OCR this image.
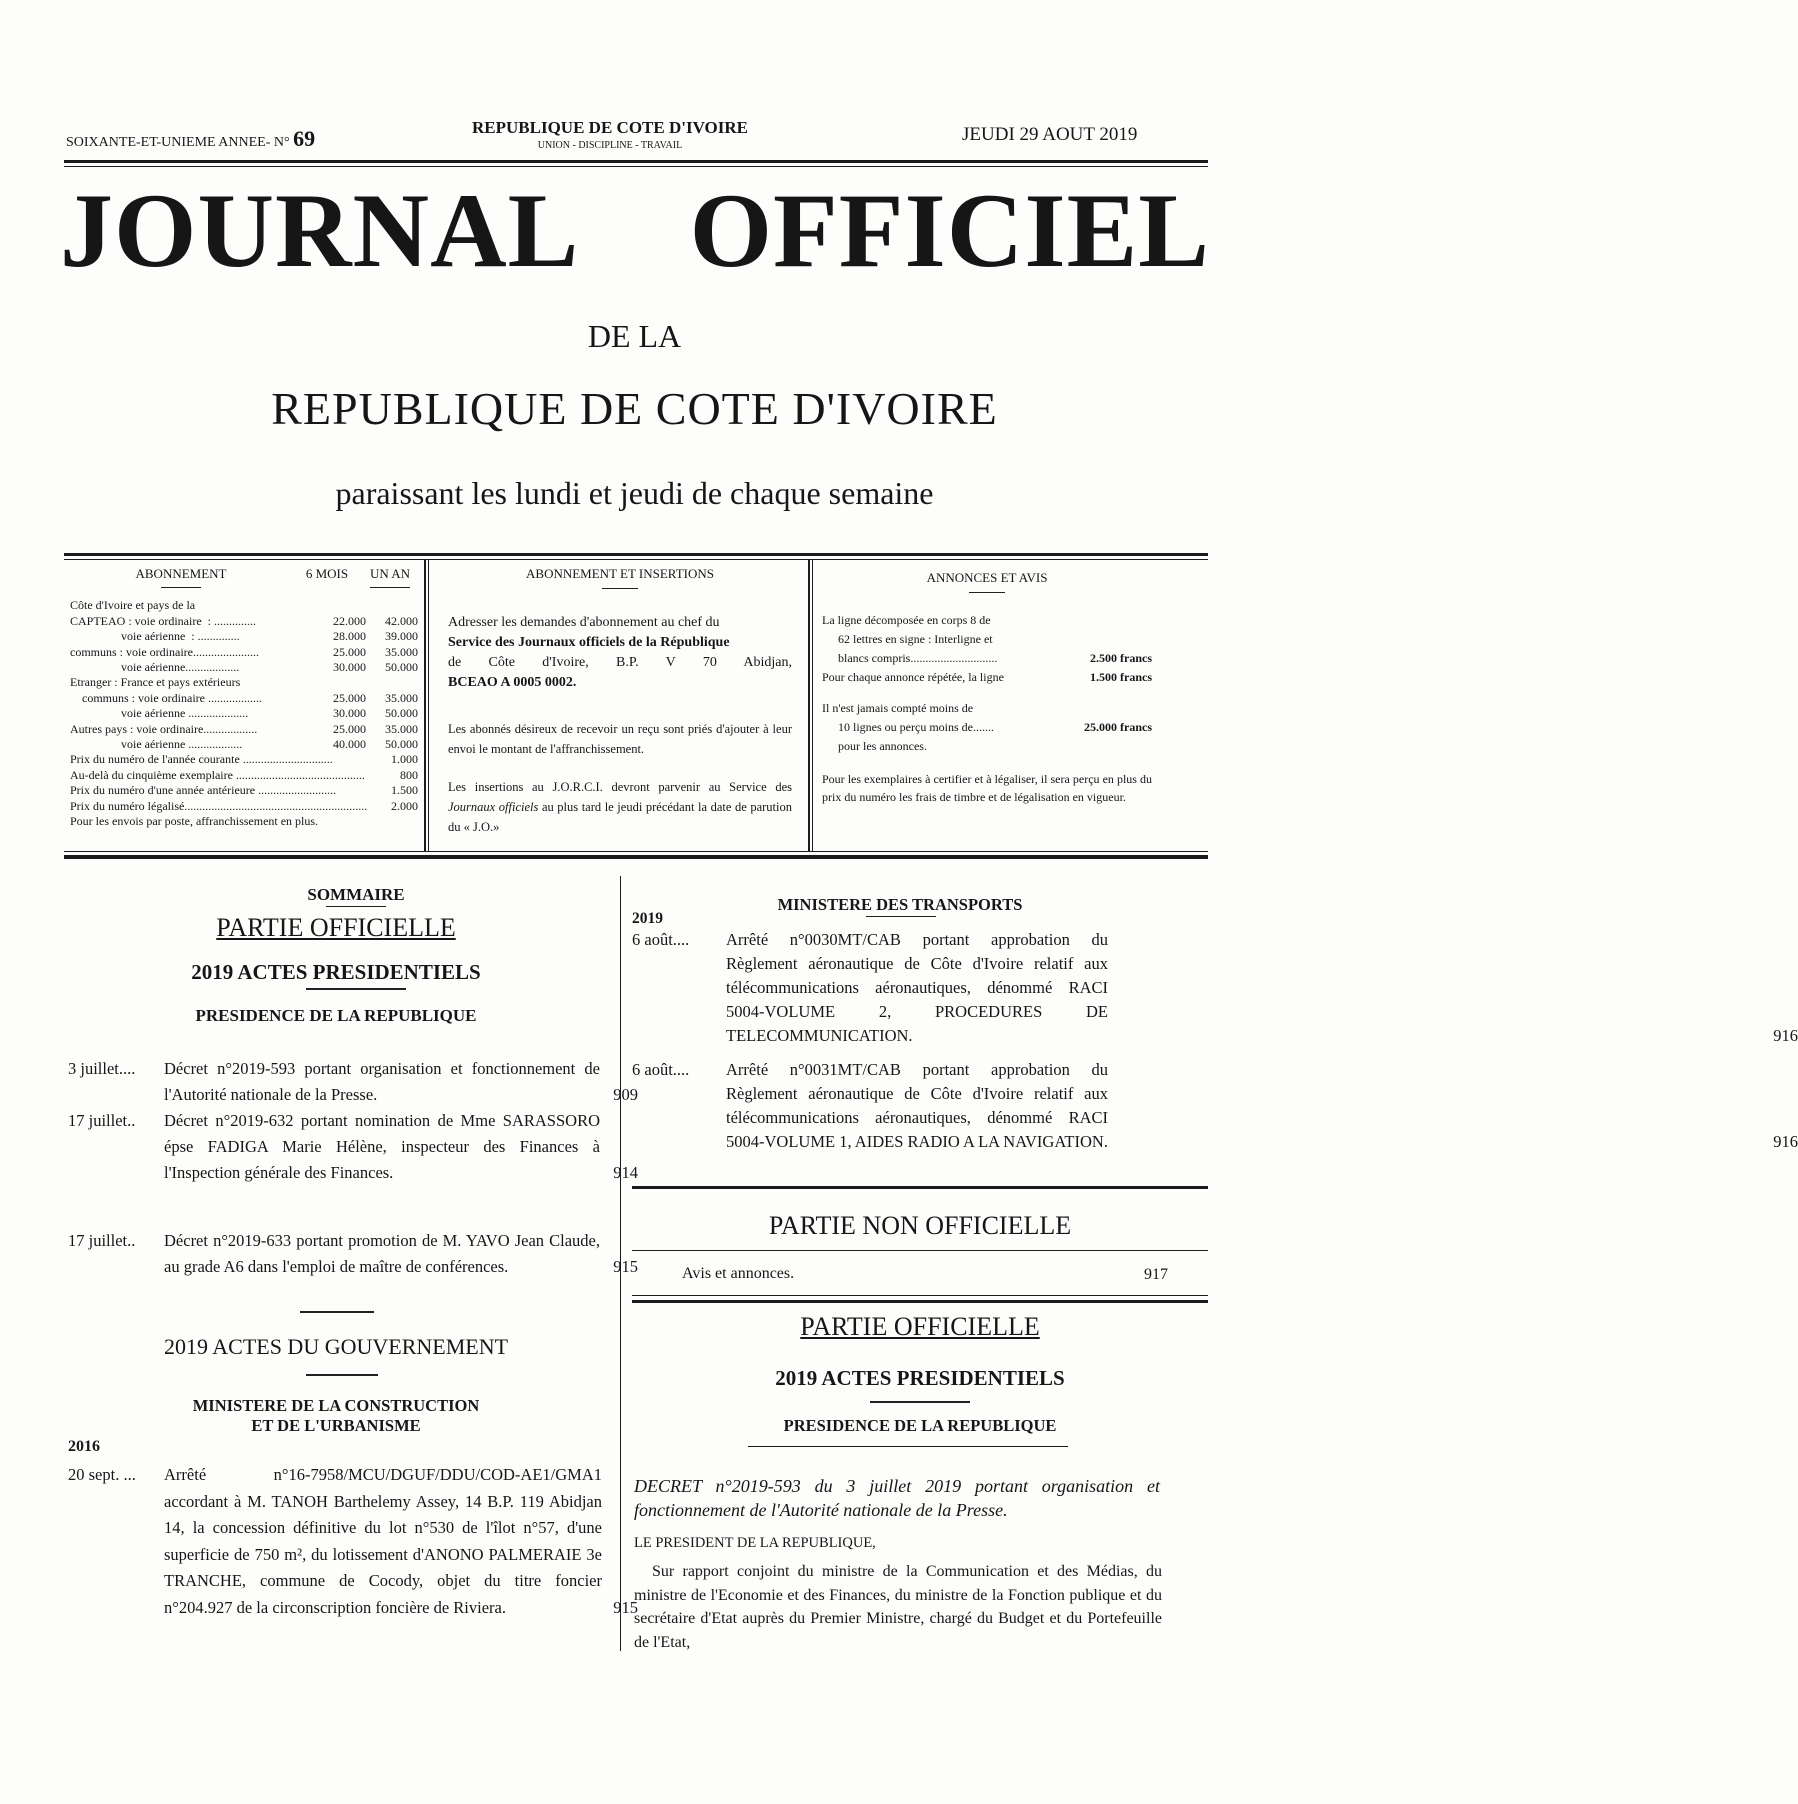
SOIXANTE-ET-UNIEME ANNEE- N° 69	REPUBLIQUE DE COTE D'IVOIRE
UNION - DISCIPLINE - TRAVAIL
JEUDI 29 AOUT 2019
JOURNAL OFFICIEL
DE LA
REPUBLIQUE DE COTE D'IVOIRE
paraissant les lundi et jeudi de chaque semaine
ABONNEMENT	6 MOIS	UN AN
Côte d'Ivoire et pays de la
CAPTEAO : voie ordinaire  : ..............	22.000	42.000
voie aérienne  : ..............	28.000	39.000
communs : voie ordinaire......................	25.000	35.000
voie aérienne..................	30.000	50.000
Etranger : France et pays extérieurs
communs : voie ordinaire ..................	25.000	35.000
voie aérienne ....................	30.000	50.000
Autres pays : voie ordinaire..................	25.000	35.000
voie aérienne ..................	40.000	50.000
Prix du numéro de l'année courante ..............................	1.000
Au-delà du cinquième exemplaire ...........................................	800
Prix du numéro d'une année antérieure ..........................	1.500
Prix du numéro légalisé.............................................................	2.000
Pour les envois par poste, affranchissement en plus.
ABONNEMENT ET INSERTIONS
Adresser les demandes d'abonnement au chef du
Service des Journaux officiels de la République
de Côte d'Ivoire, B.P. V 70 Abidjan,
BCEAO A 0005 0002.
Les abonnés désireux de recevoir un reçu sont priés d'ajouter à leur envoi le montant de l'affranchissement.
Les insertions au J.O.R.C.I. devront parvenir au Service des Journaux officiels au plus tard le jeudi précédant la date de parution du « J.O.»
ANNONCES ET AVIS
La ligne décomposée en corps 8 de
62 lettres en signe : Interligne et
blancs compris.............................	2.500 francs
Pour chaque annonce répétée, la ligne	1.500 francs
Il n'est jamais compté moins de
10 lignes ou perçu moins de.......	25.000 francs
pour les annonces.
Pour les exemplaires à certifier et à légaliser, il sera perçu en plus du prix du numéro les frais de timbre et de légalisation en vigueur.
SOMMAIRE
PARTIE OFFICIELLE
2019 ACTES PRESIDENTIELS
PRESIDENCE DE LA REPUBLIQUE
3 juillet....	Décret n°2019-593 portant organisation et fonctionnement de l'Autorité nationale de la Presse.	909
17 juillet..	Décret n°2019-632 portant nomination de Mme SARASSORO épse FADIGA Marie Hélène, inspecteur des Finances à l'Inspection générale des Finances.	914
17 juillet..	Décret n°2019-633 portant promotion de M. YAVO Jean Claude, au grade A6 dans l'emploi de maître de conférences.	915
2019 ACTES DU GOUVERNEMENT
MINISTERE DE LA CONSTRUCTION
ET DE L'URBANISME
2016
20 sept. ...	Arrêté n°16-7958/MCU/DGUF/DDU/COD-AE1/GMA1 accordant à M. TANOH Barthelemy Assey, 14 B.P. 119 Abidjan 14, la concession définitive du lot n°530 de l'îlot n°57, d'une superficie de 750 m², du lotissement d'ANONO PALMERAIE 3e TRANCHE, commune de Cocody, objet du titre foncier n°204.927 de la circonscription foncière de Riviera.	915
MINISTERE DES TRANSPORTS
2019
6 août....	Arrêté n°0030MT/CAB portant approbation du Règlement aéronautique de Côte d'Ivoire relatif aux télécommunications aéronautiques, dénommé RACI 5004-VOLUME 2, PROCEDURES DE TELECOMMUNICATION.	916
6 août....	Arrêté n°0031MT/CAB portant approbation du Règlement aéronautique de Côte d'Ivoire relatif aux télécommunications aéronautiques, dénommé RACI 5004-VOLUME 1, AIDES RADIO A LA NAVIGATION.	916
PARTIE NON OFFICIELLE
Avis et annonces.	917
PARTIE OFFICIELLE
2019 ACTES PRESIDENTIELS
PRESIDENCE DE LA REPUBLIQUE
DECRET n°2019-593 du 3 juillet 2019 portant organisation et fonctionnement de l'Autorité nationale de la Presse.
LE PRESIDENT DE LA REPUBLIQUE,
Sur rapport conjoint du ministre de la Communication et des Médias, du ministre de l'Economie et des Finances, du ministre de la Fonction publique et du secrétaire d'Etat auprès du Premier Ministre, chargé du Budget et du Portefeuille de l'Etat,
